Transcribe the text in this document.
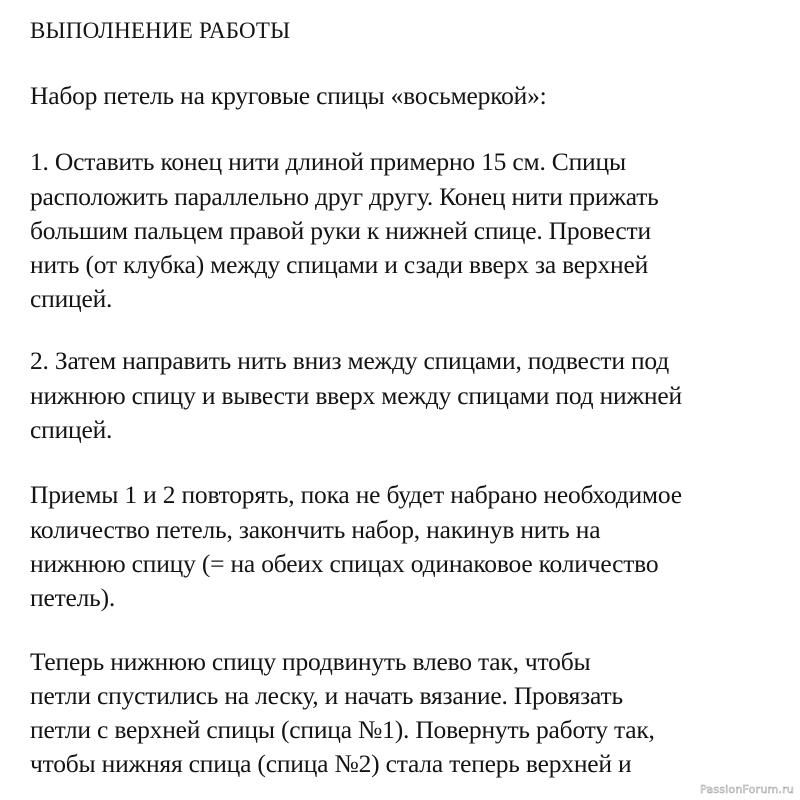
ВЫПОЛНЕНИЕ РАБОТЫ
Набор петель на круговые спицы «восьмеркой»:
1. Оставить конец нити длиной примерно 15 см. Спицы
расположить параллельно друг другу. Конец нити прижать
большим пальцем правой руки к нижней спице. Провести
нить (от клубка) между спицами и сзади вверх за верхней
спицей.
2. Затем направить нить вниз между спицами, подвести под
нижнюю спицу и вывести вверх между спицами под нижней
спицей.
Приемы 1 и 2 повторять, пока не будет набрано необходимое
количество петель, закончить набор, накинув нить на
нижнюю спицу (= на обеих спицах одинаковое количество
петель).
Теперь нижнюю спицу продвинуть влево так, чтобы
петли спустились на леску, и начать вязание. Провязать
петли с верхней спицы (спица №1). Повернуть работу так,
чтобы нижняя спица (спица №2) стала теперь верхней и
PassionForum.ru
